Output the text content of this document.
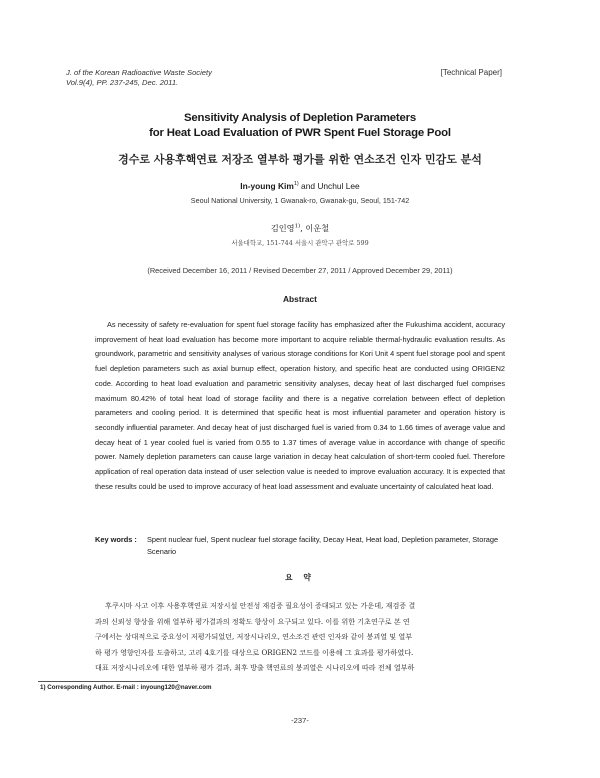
J. of the Korean Radioactive Waste Society
Vol.9(4), PP. 237-245, Dec. 2011.
[Technical Paper]
Sensitivity Analysis of Depletion Parameters
for Heat Load Evaluation of PWR Spent Fuel Storage Pool
경수로 사용후핵연료 저장조 열부하 평가를 위한 연소조건 인자 민감도 분석
In-young Kim$^{1)}$ and Unchul Lee
Seoul National University, 1 Gwanak-ro, Gwanak-gu, Seoul, 151-742
김인영$^{1)}$, 이운철
서울대학교, 151-744 서울시 관악구 관악로 599
(Received December 16, 2011 / Revised December 27, 2011 / Approved December 29, 2011)
Abstract

As necessity of safety re-evaluation for spent fuel storage facility has emphasized after the Fukushima accident, accuracy improvement of heat load evaluation has become more important to acquire reliable thermal-hydraulic evaluation results. As groundwork, parametric and sensitivity analyses of various storage conditions for Kori Unit 4 spent fuel storage pool and spent fuel depletion parameters such as axial burnup effect, operation history, and specific heat are conducted using ORIGEN2 code. According to heat load evaluation and parametric sensitivity analyses, decay heat of last discharged fuel comprises maximum 80.42% of total heat load of storage facility and there is a negative correlation between effect of depletion parameters and cooling period. It is determined that specific heat is most influential parameter and operation history is secondly influential parameter. And decay heat of just discharged fuel is varied from 0.34 to 1.66 times of average value and decay heat of 1 year cooled fuel is varied from 0.55 to 1.37 times of average value in accordance with change of specific power. Namely depletion parameters can cause large variation in decay heat calculation of short-term cooled fuel. Therefore application of real operation data instead of user selection value is needed to improve evaluation accuracy. It is expected that these results could be used to improve accuracy of heat load assessment and evaluate uncertainty of calculated heat load.

Key words : Spent nuclear fuel, Spent nuclear fuel storage facility, Decay Heat, Heat load, Depletion parameter, Storage Scenario
요 약
후쿠시마 사고 이후 사용후핵연료 저장시설 안전성 재검증 필요성이 증대되고 있는 가운데, 재검증 결
과의 신뢰성 향상을 위해 열부하 평가결과의 정확도 향상이 요구되고 있다. 이를 위한 기초연구로 본 연
구에서는 상대적으로 중요성이 저평가되었던, 저장시나리오, 연소조건 관련 인자와 같이 붕괴열 및 열부
하 평가 영향인자를 도출하고, 고리 4호기를 대상으로 ORIGEN2 코드를 이용해 그 효과를 평가하였다.
대표 저장시나리오에 대한 열부하 평가 결과, 최후 방출 핵연료의 붕괴열은 시나리오에 따라 전체 열부하
1) Corresponding Author. E-mail : inyoung120@naver.com
-237-
